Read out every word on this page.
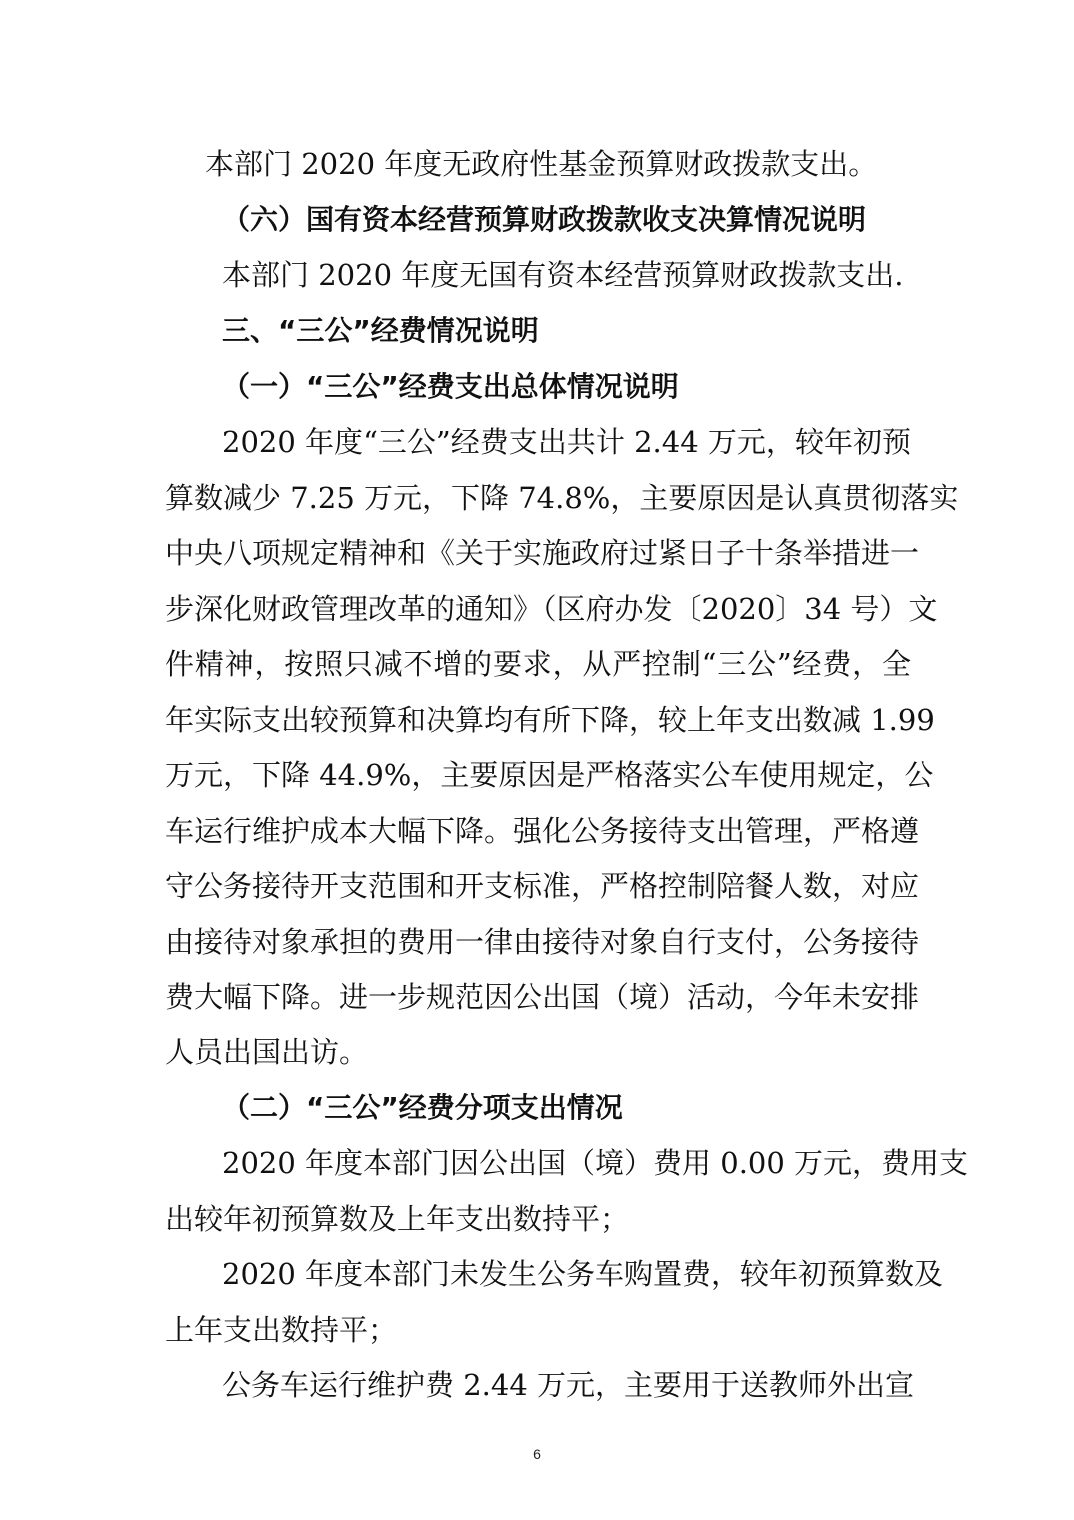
本部门 2020 年度无政府性基金预算财政拨款支出。
（六）国有资本经营预算财政拨款收支决算情况说明
本部门 2020 年度无国有资本经营预算财政拨款支出.
三、“三公”经费情况说明
（一）“三公”经费支出总体情况说明
2020 年度“三公”经费支出共计 2.44 万元，较年初预
算数减少 7.25 万元，下降 74.8%，主要原因是认真贯彻落实
中央八项规定精神和《关于实施政府过紧日子十条举措进一
步深化财政管理改革的通知》（区府办发〔2020〕34 号）文
件精神，按照只减不增的要求，从严控制“三公”经费，全
年实际支出较预算和决算均有所下降，较上年支出数减 1.99
万元，下降 44.9%，主要原因是严格落实公车使用规定，公
车运行维护成本大幅下降。强化公务接待支出管理，严格遵
守公务接待开支范围和开支标准，严格控制陪餐人数，对应
由接待对象承担的费用一律由接待对象自行支付，公务接待
费大幅下降。进一步规范因公出国（境）活动，今年未安排
人员出国出访。
（二）“三公”经费分项支出情况
2020 年度本部门因公出国（境）费用 0.00 万元，费用支
出较年初预算数及上年支出数持平；
2020 年度本部门未发生公务车购置费，较年初预算数及
上年支出数持平；
公务车运行维护费 2.44 万元，主要用于送教师外出宣
6
